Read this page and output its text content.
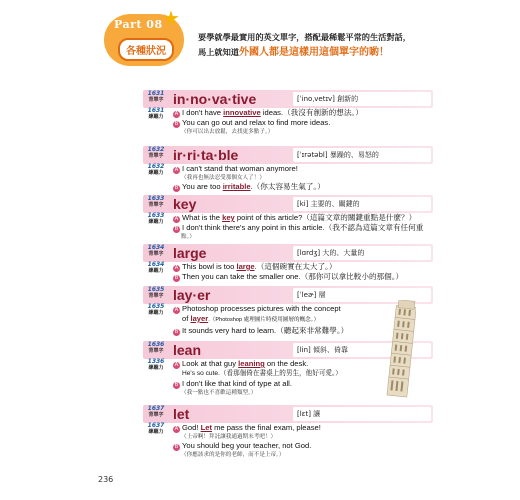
★
Part 08
各種狀況
要學就學最實用的英文單字，搭配最稀鬆平常的生活對話，
馬上就知道外國人都是這樣用這個單字的喲！
1631
背單字 in·no·va·tive	[ˈinoˌvetɪv] 創新的
1631
練聽力	A I don't have innovative ideas.（我沒有創新的想法。）
B You can go out and relax to find more ideas.
（你可以出去放鬆，去找更多點子。）
1632
背單字 ir·ri·ta·ble	[ˈɪrətəbl] 暴躁的、易怒的
1632
練聽力	A I can't stand that woman anymore!
（我再也無法忍受那個女人了！）
B You are too irritable.（你太容易生氣了。）
1633
背單字 key	[ki] 主要的、關鍵的
1633
練聽力	A What is the key point of this article?（這篇文章的關鍵重點是什麼？）
B I don't think there's any point in this article.（我不認為這篇文章有任何重
點。）
1634
背單字 large	[lɑrdʒ] 大的、大量的
1634
練聽力	A This bowl is too large.（這個碗實在太大了。）
B Then you can take the smaller one.（那你可以拿比較小的那個。）
1635
背單字 lay·er	[ˈleɚ] 層
1635
練聽力	A Photoshop processes pictures with the concept
of layer.（Photoshop 處理圖片時使用圖層的概念。）
B It sounds very hard to learn.（聽起來非常難學。）
1636
背單字 lean	[lin] 傾斜、倚靠
1336
練聽力	A Look at that guy leaning on the desk.
He's so cute.（看那個倚在書桌上的男生，他好可愛。）
B I don't like that kind of type at all.
（我一點也不喜歡這種類型。）
1637
背單字 let	[lɛt] 讓
1637
練聽力	A God! Let me pass the final exam, please!
（上帝啊！拜託讓我通過期末考吧！）
B You should beg your teacher, not God.
（你應該求的是你的老師，而不是上帝。）
236
